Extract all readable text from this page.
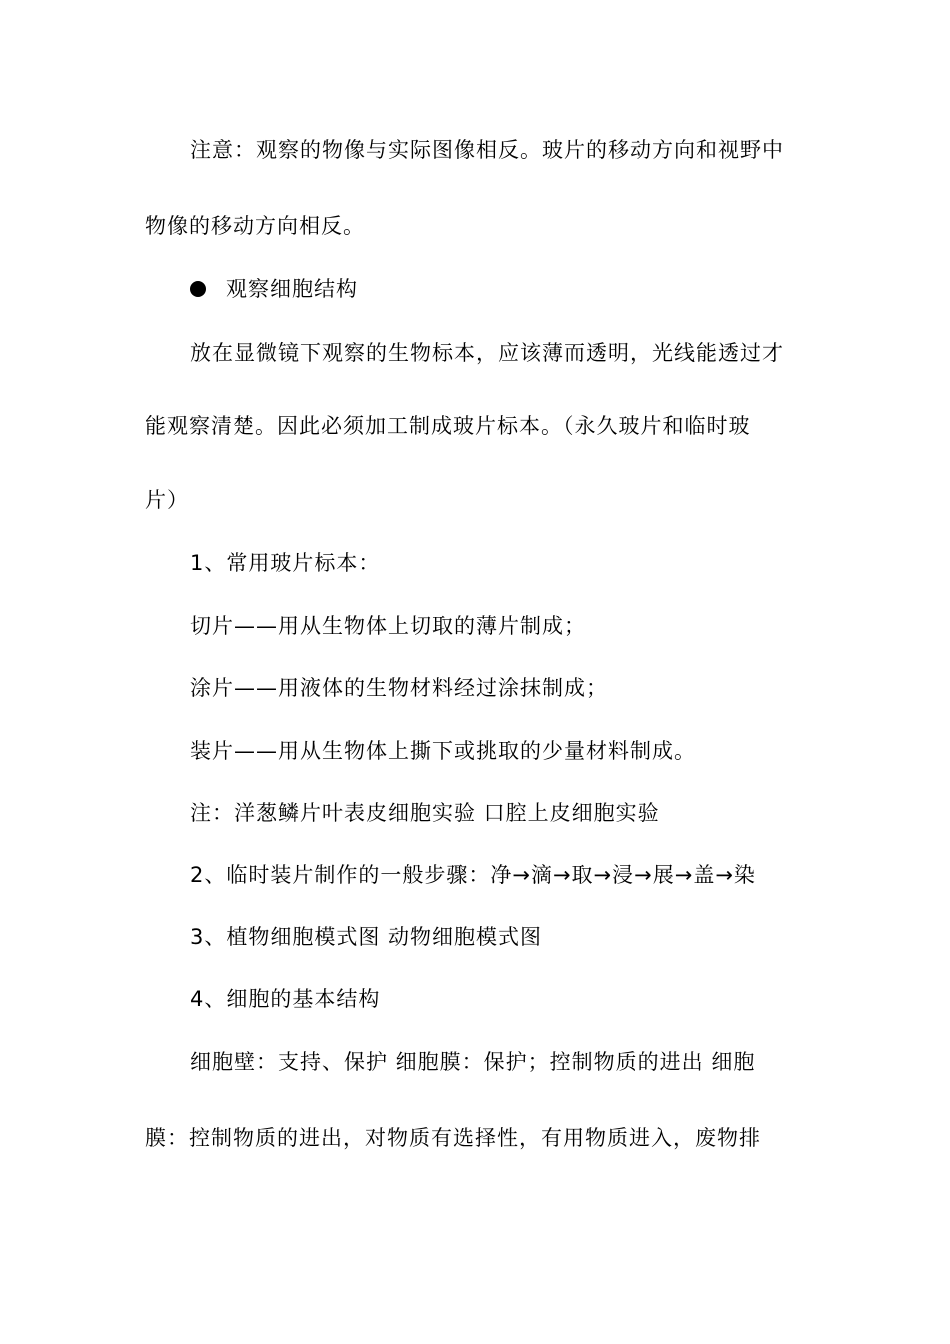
注意：观察的物像与实际图像相反。玻片的移动方向和视野中
物像的移动方向相反。
观察细胞结构
放在显微镜下观察的生物标本，应该薄而透明，光线能透过才
能观察清楚。因此必须加工制成玻片标本。（永久玻片和临时玻
片）
1、常用玻片标本：
切片——用从生物体上切取的薄片制成；
涂片——用液体的生物材料经过涂抹制成；
装片——用从生物体上撕下或挑取的少量材料制成。
注：洋葱鳞片叶表皮细胞实验 口腔上皮细胞实验
2、临时装片制作的一般步骤：净→滴→取→浸→展→盖→染
3、植物细胞模式图 动物细胞模式图
4、细胞的基本结构
细胞壁：支持、保护 细胞膜：保护；控制物质的进出 细胞
膜：控制物质的进出，对物质有选择性，有用物质进入，废物排
